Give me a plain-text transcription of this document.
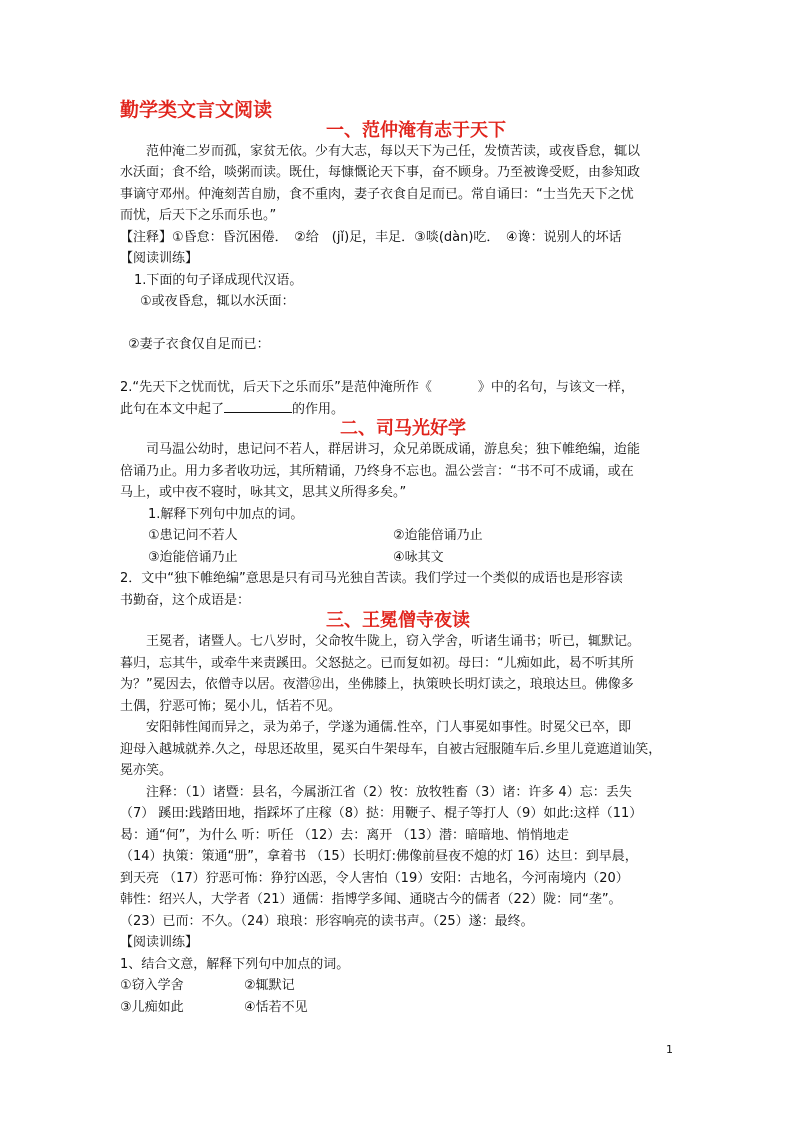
勤学类文言文阅读
一、范仲淹有志于天下
范仲淹二岁而孤，家贫无依。少有大志，每以天下为己任，发愤苦读，或夜昏怠，辄以
水沃面；食不给，啖粥而读。既仕，每慷慨论天下事，奋不顾身。乃至被谗受贬，由参知政
事谪守邓州。仲淹刻苦自励，食不重肉，妻子衣食自足而已。常自诵曰：“士当先天下之忧
而忧，后天下之乐而乐也。”
【注释】①昏怠：昏沉困倦．　②给　(jǐ)足，丰足．③啖(dàn)吃．　④谗：说别人的坏话
【阅读训练】
1.下面的句子译成现代汉语。
①或夜昏怠，辄以水沃面：
②妻子衣食仅自足而已：
2.“先天下之忧而忧，后天下之乐而乐”是范仲淹所作《	》中的名句，与该文一样，
此句在本文中起了	的作用。
二、司马光好学
司马温公幼时，患记问不若人，群居讲习，众兄弟既成诵，游息矣；独下帷绝编，迨能
倍诵乃止。用力多者收功远，其所精诵，乃终身不忘也。温公尝言：“书不可不成诵，或在
马上，或中夜不寝时，咏其文，思其义所得多矣。”
1.解释下列句中加点的词。
①患记问不若人	②迨能倍诵乃止
③迨能倍诵乃止	④咏其文
2．文中“独下帷绝编”意思是只有司马光独自苦读。我们学过一个类似的成语也是形容读
书勤奋，这个成语是：
三、王冕僧寺夜读
王冕者，诸暨人。七八岁时，父命牧牛陇上，窃入学舍，听诸生诵书；听已，辄默记。
暮归，忘其牛，或牵牛来责蹊田。父怒挞之。已而复如初。母曰：“儿痴如此，曷不听其所
为？”冕因去，依僧寺以居。夜潜⑫出，坐佛膝上，执策映长明灯读之，琅琅达旦。佛像多
土偶，狞恶可怖；冕小儿，恬若不见。
安阳韩性闻而异之，录为弟子，学遂为通儒.性卒，门人事冕如事性。时冕父已卒，即
迎母入越城就养.久之，母思还故里，冕买白牛架母车，自被古冠服随车后.乡里儿竟遮道讪笑，
冕亦笑。
注释：（1）诸暨：县名，今属浙江省（2）牧：放牧牲畜（3）诸：许多 4）忘：丢失
（7） 蹊田:践踏田地，指踩坏了庄稼（8）挞：用鞭子、棍子等打人（9）如此:这样（11）
曷：通“何”，为什么 听：听任 （12）去：离开 （13）潜：暗暗地、悄悄地走
（14）执策：策通“册”，拿着书 （15）长明灯:佛像前昼夜不熄的灯 16）达旦：到早晨，
到天亮 （17）狞恶可怖：狰狞凶恶，令人害怕（19）安阳：古地名，今河南境内（20）
韩性：绍兴人，大学者（21）通儒：指博学多闻、通晓古今的儒者（22）陇：同“垄”。
（23）已而：不久。（24）琅琅：形容响亮的读书声。（25）遂：最终。
【阅读训练】
1、结合文意，解释下列句中加点的词。
①窃入学舍	②辄默记
③儿痴如此	④恬若不见
1
